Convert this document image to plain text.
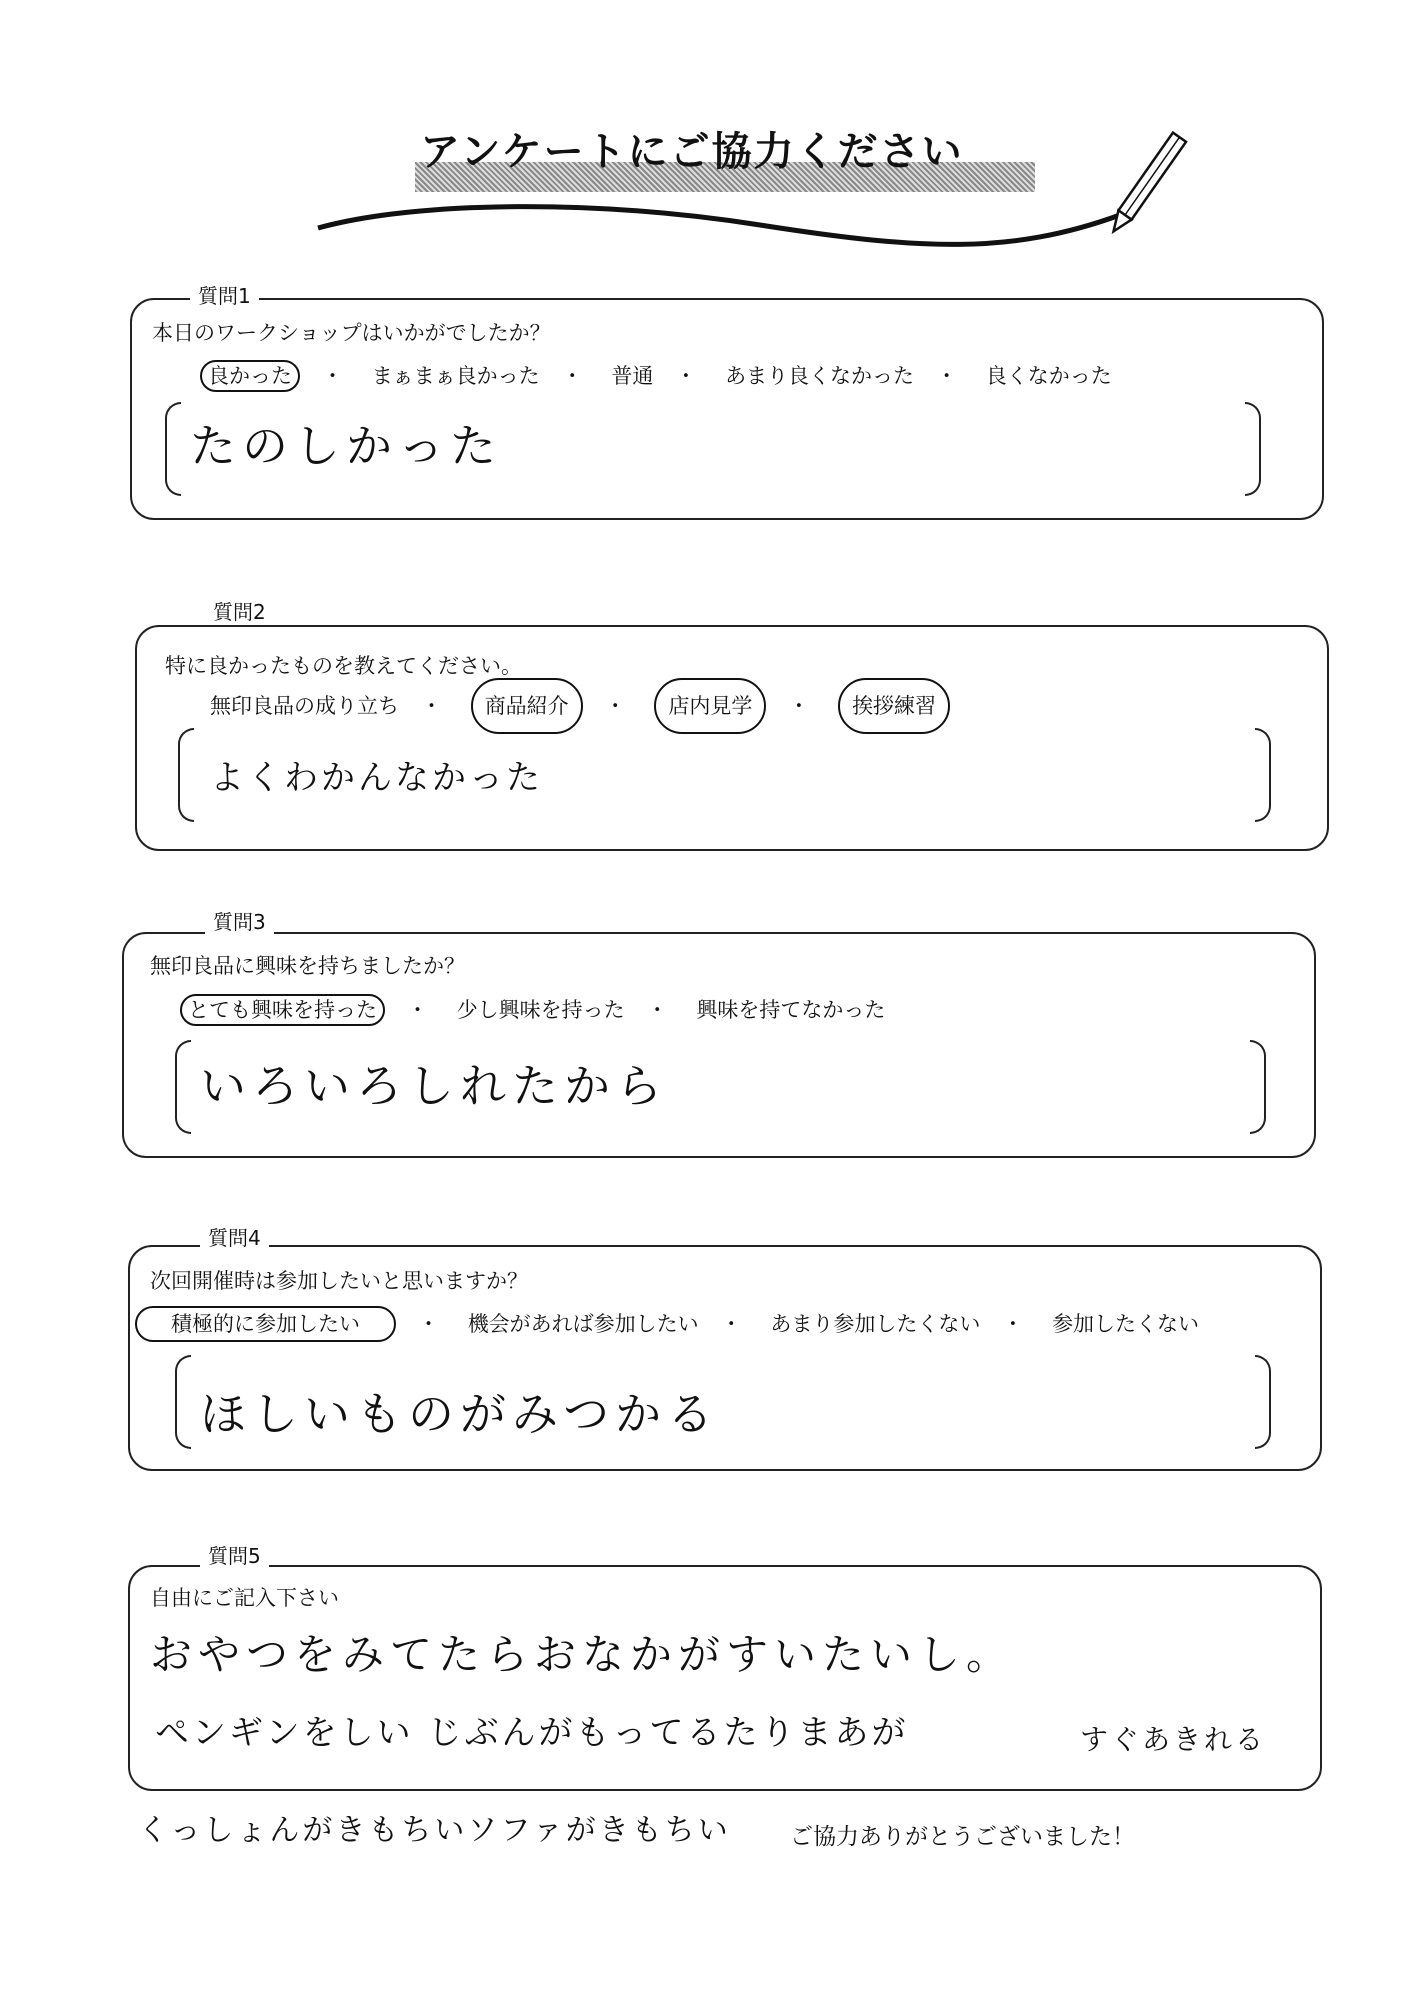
アンケートにご協力ください
質問1
本日のワークショップはいかがでしたか？
良かった ・ まぁまぁ良かった ・ 普通 ・ あまり良くなかった ・ 良くなかった
たのしかった
質問2
特に良かったものを教えてください。
無印良品の成り立ち ・ 商品紹介 ・ 店内見学 ・ 挨拶練習
よくわかんなかった
質問3
無印良品に興味を持ちましたか？
とても興味を持った ・ 少し興味を持った ・ 興味を持てなかった
いろいろしれたから
質問4
次回開催時は参加したいと思いますか？
積極的に参加したい	・ 機会があれば参加したい ・ あまり参加したくない ・ 参加したくない
ほしいものがみつかる
質問5
自由にご記入下さい
おやつをみてたらおなかがすいたいし。
ペンギンをしい じぶんがもってるたりまあが	すぐあきれる
くっしょんがきもちいソファがきもちい	ご協力ありがとうございました！
